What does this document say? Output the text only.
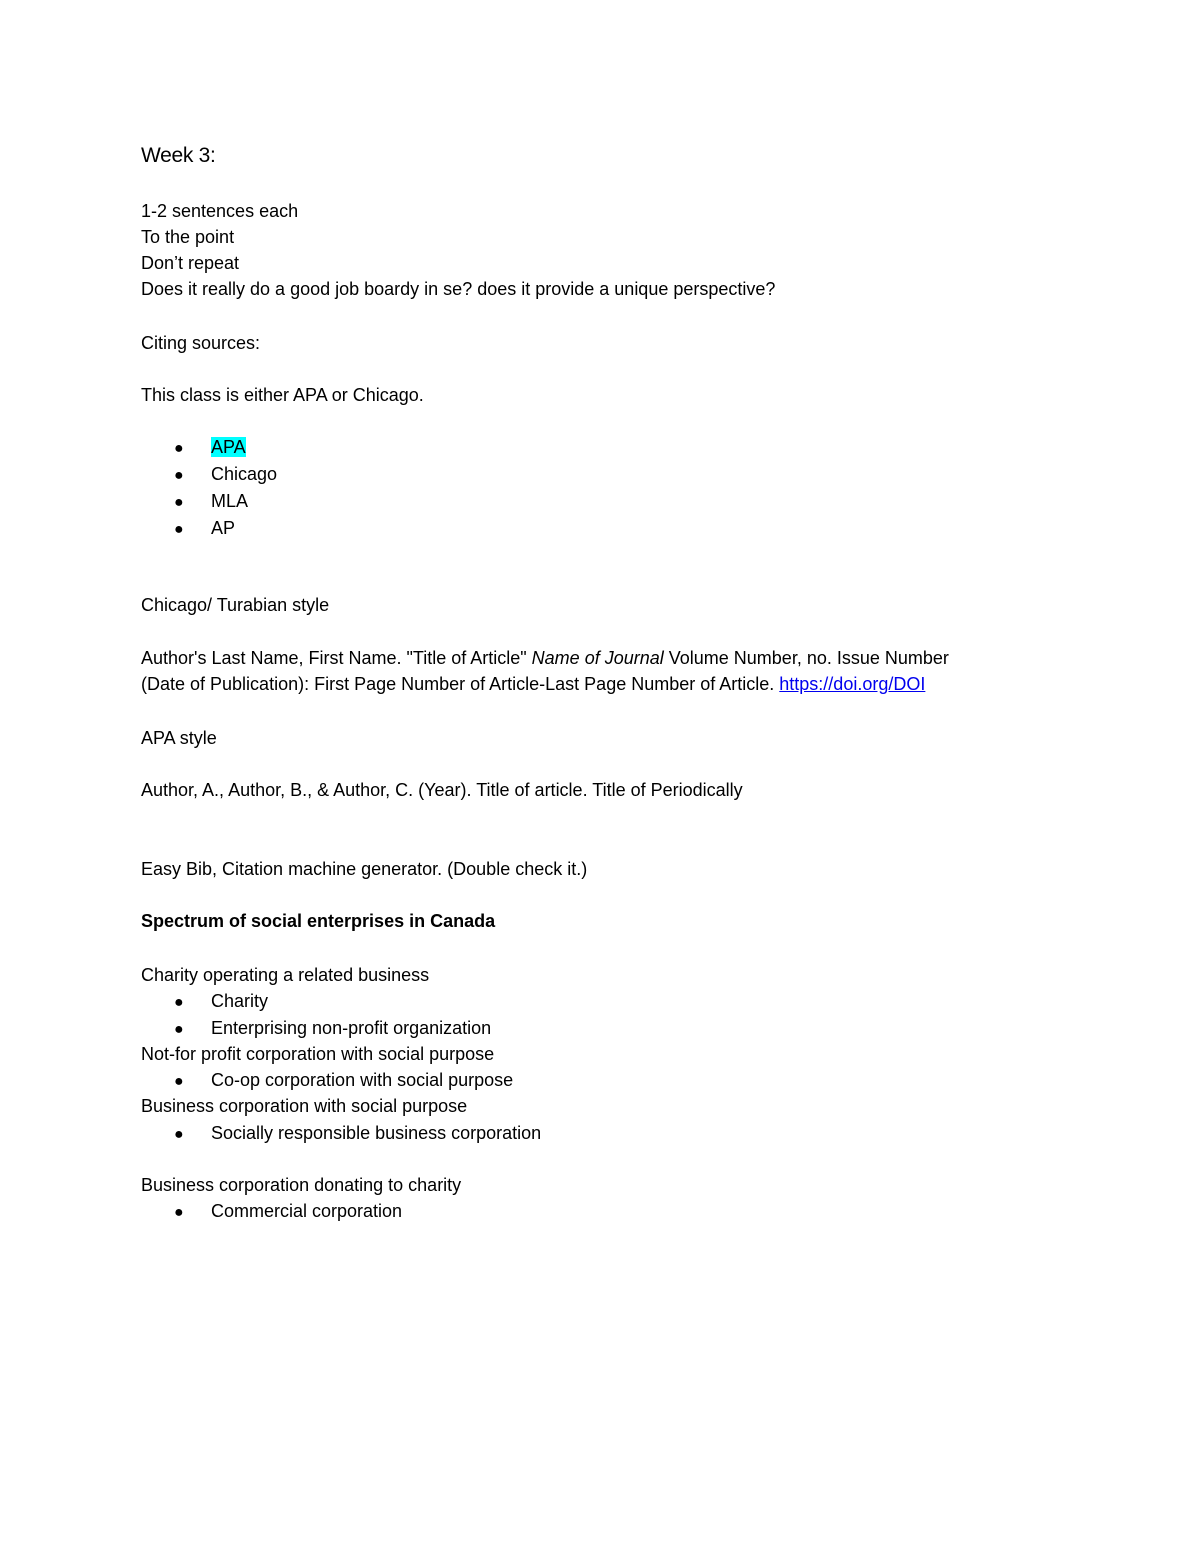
Week 3:
1-2 sentences each
To the point
Don’t repeat
Does it really do a good job boardy in se? does it provide a unique perspective?
Citing sources:
This class is either APA or Chicago.
● APA
● Chicago
● MLA
● AP
Chicago/ Turabian style
Author's Last Name, First Name. "Title of Article" Name of Journal Volume Number, no. Issue Number
(Date of Publication): First Page Number of Article-Last Page Number of Article. https://doi.org/DOI
APA style
Author, A., Author, B., & Author, C. (Year). Title of article. Title of Periodically
Easy Bib, Citation machine generator. (Double check it.)
Spectrum of social enterprises in Canada
Charity operating a related business
● Charity
● Enterprising non-profit organization
Not-for profit corporation with social purpose
● Co-op corporation with social purpose
Business corporation with social purpose
● Socially responsible business corporation
Business corporation donating to charity
● Commercial corporation
